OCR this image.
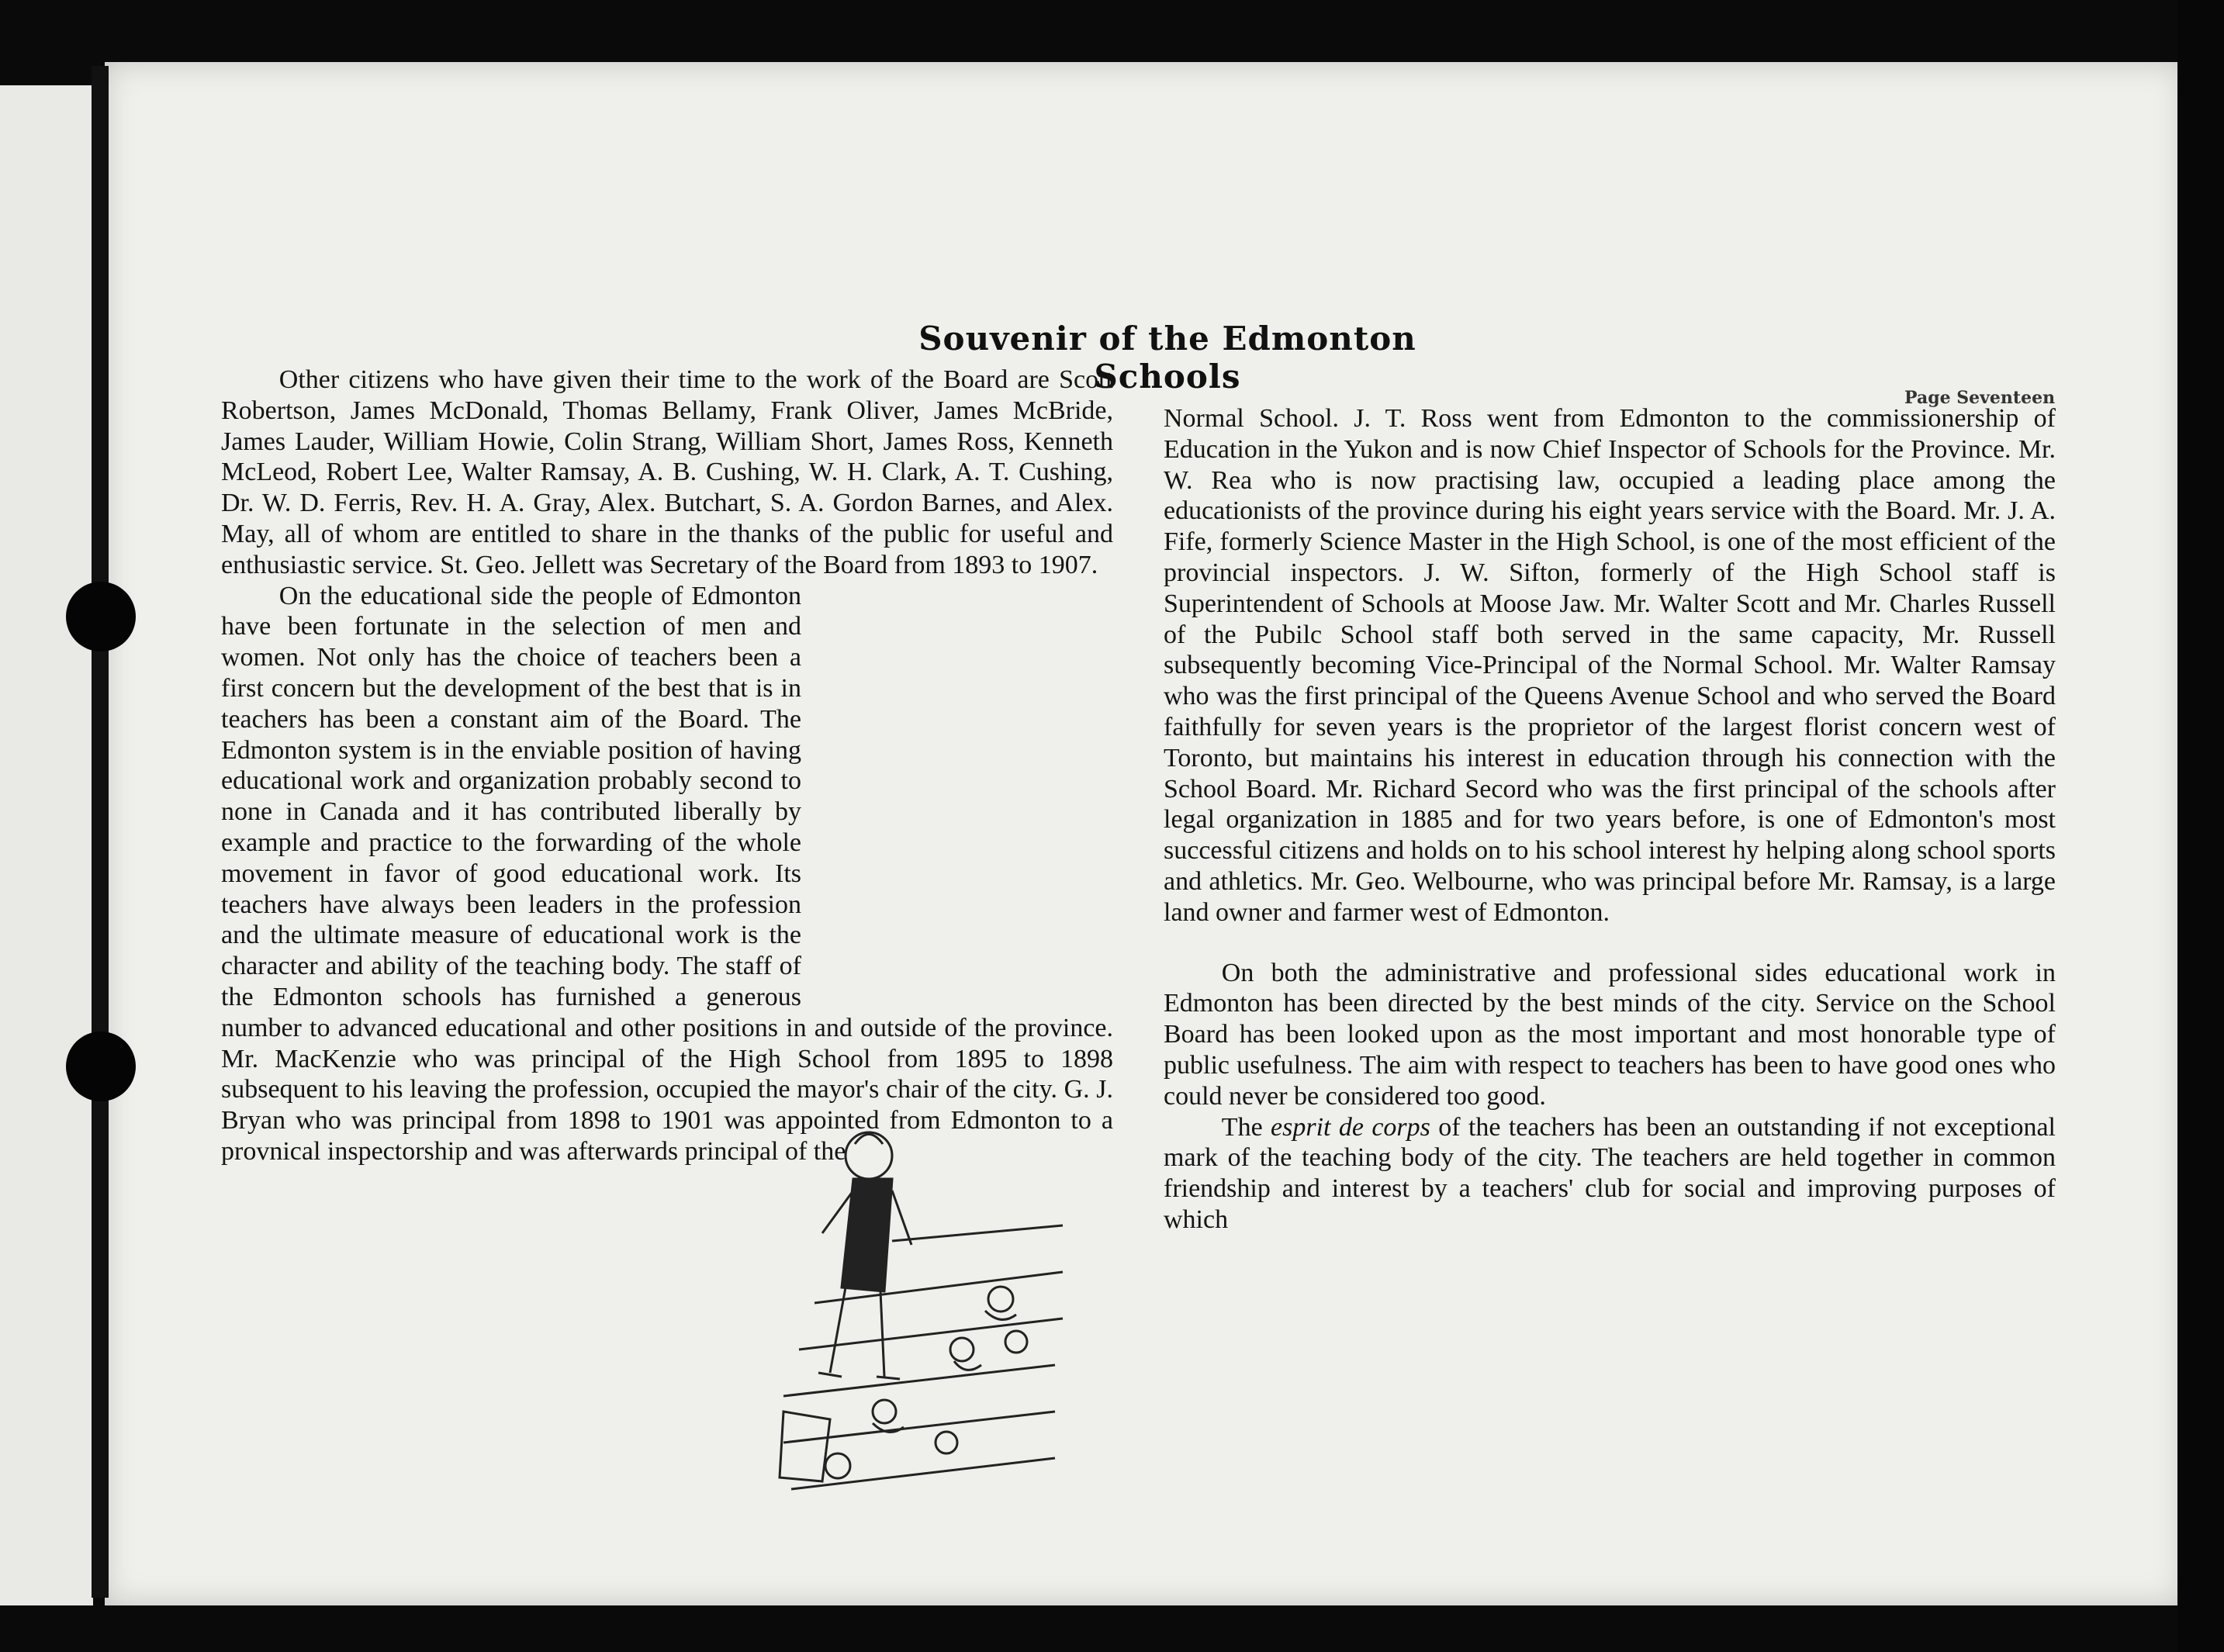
Souvenir of the Edmonton Schools
Page Seventeen

Other citizens who have given their time to the work of the Board are Scott Robertson, James McDonald, Thomas Bellamy, Frank Oliver, James McBride, James Lauder, William Howie, Colin Strang, William Short, James Ross, Kenneth McLeod, Robert Lee, Walter Ramsay, A. B. Cushing, W. H. Clark, A. T. Cushing, Dr. W. D. Ferris, Rev. H. A. Gray, Alex. Butchart, S. A. Gordon Barnes, and Alex. May, all of whom are entitled to share in the thanks of the public for useful and enthusiastic service. St. Geo. Jellett was Secretary of the Board from 1893 to 1907.

On the educational side the people of Edmonton have been fortunate in the selection of men and women. Not only has the choice of teachers been a first concern but the development of the best that is in teachers has been a constant aim of the Board. The Edmonton system is in the enviable position of having educational work and organization probably second to none in Canada and it has contributed liberally by example and practice to the forwarding of the whole movement in favor of good educational work. Its teachers have always been leaders in the profession and the ultimate measure of educational work is the character and ability of the teaching body. The staff of the Edmonton schools has furnished a generous number to advanced educational and other positions in and outside of the province. Mr. MacKenzie who was principal of the High School from 1895 to 1898 subsequent to his leaving the profession, occupied the mayor's chair of the city. G. J. Bryan who was principal from 1898 to 1901 was appointed from Edmonton to a provnical inspectorship and was afterwards principal of the

Normal School. J. T. Ross went from Edmonton to the commissionership of Education in the Yukon and is now Chief Inspector of Schools for the Province. Mr. W. Rea who is now practising law, occupied a leading place among the educationists of the province during his eight years service with the Board. Mr. J. A. Fife, formerly Science Master in the High School, is one of the most efficient of the provincial inspectors. J. W. Sifton, formerly of the High School staff is Superintendent of Schools at Moose Jaw. Mr. Walter Scott and Mr. Charles Russell of the Pubilc School staff both served in the same capacity, Mr. Russell subsequently becoming Vice-Principal of the Normal School. Mr. Walter Ramsay who was the first principal of the Queens Avenue School and who served the Board faithfully for seven years is the proprietor of the largest florist concern west of Toronto, but maintains his interest in education through his connection with the School Board. Mr. Richard Secord who was the first principal of the schools after legal organization in 1885 and for two years before, is one of Edmonton's most successful citizens and holds on to his school interest hy helping along school sports and athletics. Mr. Geo. Welbourne, who was principal before Mr. Ramsay, is a large land owner and farmer west of Edmonton.

On both the administrative and professional sides educational work in Edmonton has been directed by the best minds of the city. Service on the School Board has been looked upon as the most important and most honorable type of public usefulness. The aim with respect to teachers has been to have good ones who could never be considered too good.

The esprit de corps of the teachers has been an outstanding if not exceptional mark of the teaching body of the city. The teachers are held together in common friendship and interest by a teachers' club for social and improving purposes of which
